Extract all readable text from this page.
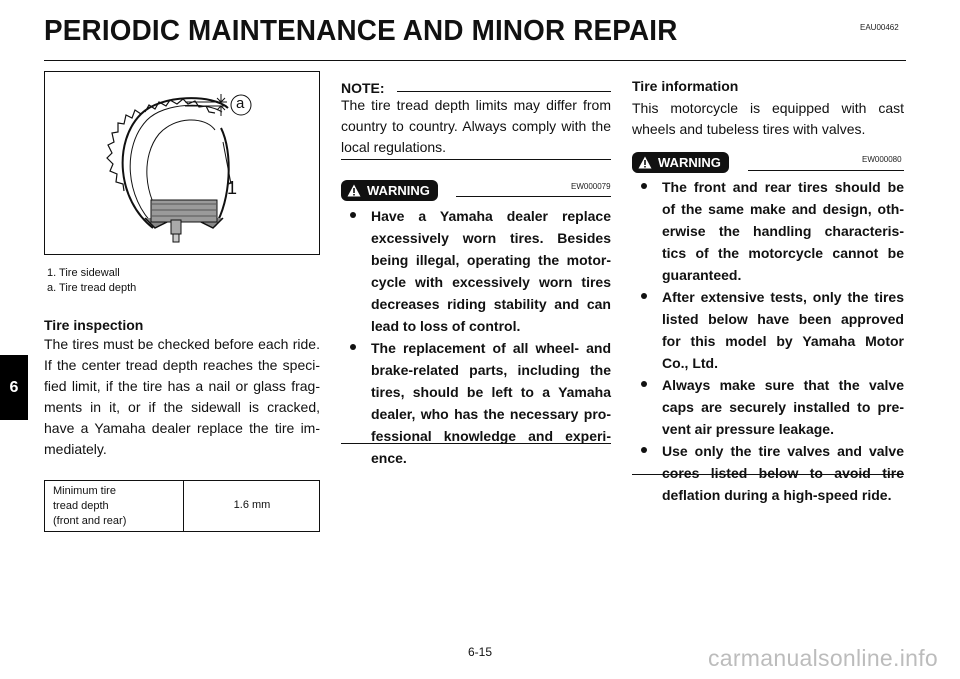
PERIODIC MAINTENANCE AND MINOR REPAIR	EAU00462
a
1
1. Tire sidewall
a. Tire tread depth
Tire inspection
The tires must be checked before each ride.
If the center tread depth reaches the speci-
fied limit, if the tire has a nail or glass frag-
ments in it, or if the sidewall is cracked,
have a Yamaha dealer replace the tire im-
mediately.
Minimum tire
tread depth
(front and rear)
1.6 mm
NOTE:
The tire tread depth limits may differ from
country to country. Always comply with the
local regulations.
WARNING	EW000079
Have a Yamaha dealer replace
excessively worn tires. Besides
being illegal, operating the motor-
cycle with excessively worn tires
decreases riding stability and can
lead to loss of control.
The replacement of all wheel- and
brake-related parts, including the
tires, should be left to a Yamaha
dealer, who has the necessary pro-
fessional knowledge and experi-
ence.
Tire information
This motorcycle is equipped with cast
wheels and tubeless tires with valves.
WARNING	EW000080
The front and rear tires should be
of the same make and design, oth-
erwise the handling characteris-
tics of the motorcycle cannot be
guaranteed.
After extensive tests, only the tires
listed below have been approved
for this model by Yamaha Motor
Co., Ltd.
Always make sure that the valve
caps are securely installed to pre-
vent air pressure leakage.
Use only the tire valves and valve
cores listed below to avoid tire
deflation during a high-speed ride.
6
6-15	carmanualsonline.info
